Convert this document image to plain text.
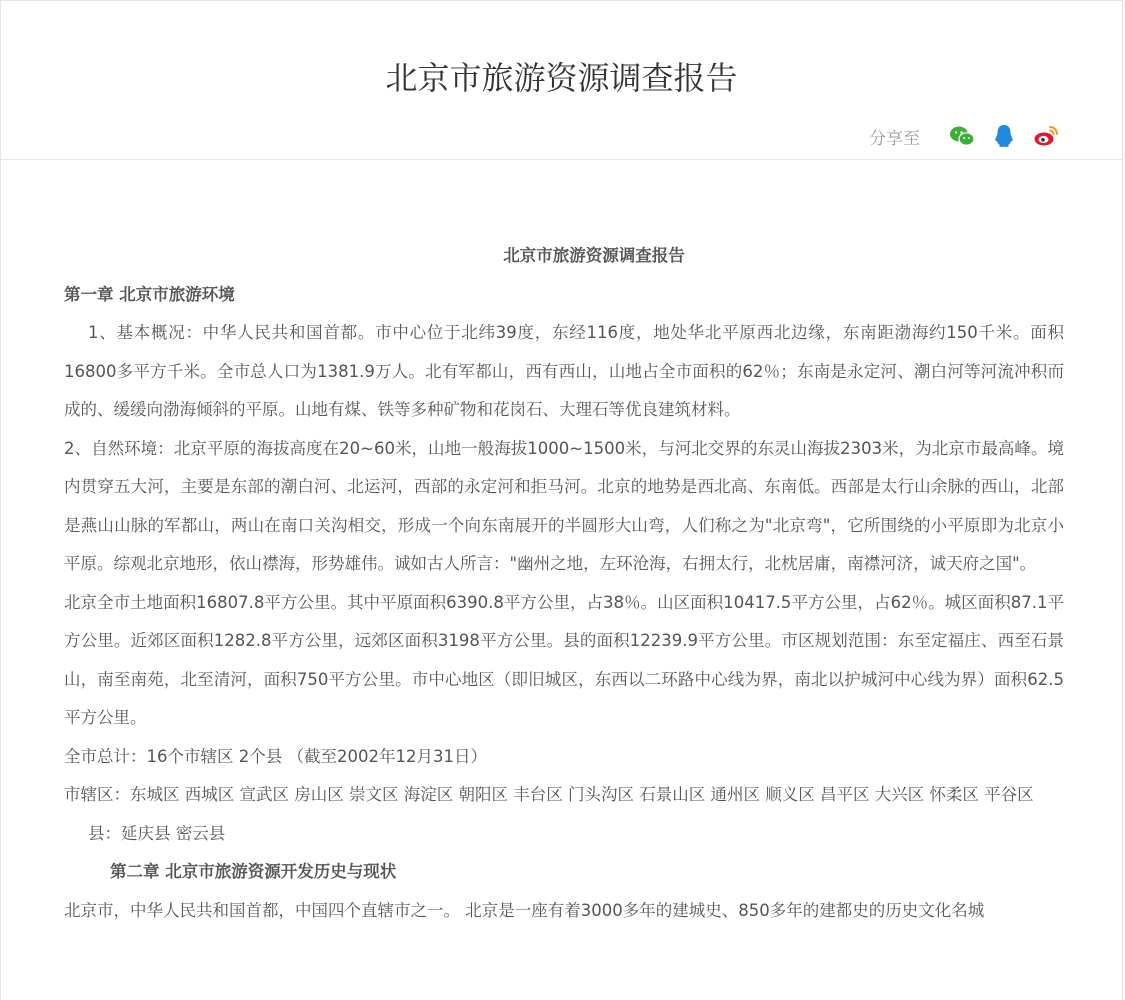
北京市旅游资源调查报告
分享至

北京市旅游资源调查报告

第一章 北京市旅游环境

1、基本概况：中华人民共和国首都。市中心位于北纬39度，东经116度，地处华北平原西北边缘，东南距渤海约150千米。面积16800多平方千米。全市总人口为1381.9万人。北有军都山，西有西山，山地占全市面积的62％；东南是永定河、潮白河等河流冲积而成的、缓缓向渤海倾斜的平原。山地有煤、铁等多种矿物和花岗石、大理石等优良建筑材料。

2、自然环境：北京平原的海拔高度在20~60米，山地一般海拔1000~1500米，与河北交界的东灵山海拔2303米，为北京市最高峰。境内贯穿五大河，主要是东部的潮白河、北运河，西部的永定河和拒马河。北京的地势是西北高、东南低。西部是太行山余脉的西山，北部是燕山山脉的军都山，两山在南口关沟相交，形成一个向东南展开的半圆形大山弯，人们称之为"北京弯"，它所围绕的小平原即为北京小平原。综观北京地形，依山襟海，形势雄伟。诚如古人所言："幽州之地，左环沧海，右拥太行，北枕居庸，南襟河济，诚天府之国"。

北京全市土地面积16807.8平方公里。其中平原面积6390.8平方公里，占38％。山区面积10417.5平方公里，占62％。城区面积87.1平方公里。近郊区面积1282.8平方公里，远郊区面积3198平方公里。县的面积12239.9平方公里。市区规划范围：东至定福庄、西至石景山，南至南苑，北至清河，面积750平方公里。市中心地区（即旧城区，东西以二环路中心线为界，南北以护城河中心线为界）面积62.5平方公里。

全市总计：16个市辖区 2个县 （截至2002年12月31日）

市辖区：东城区 西城区 宣武区 房山区 崇文区 海淀区 朝阳区 丰台区 门头沟区 石景山区 通州区 顺义区 昌平区 大兴区 怀柔区 平谷区

县：延庆县 密云县

第二章 北京市旅游资源开发历史与现状

北京市，中华人民共和国首都，中国四个直辖市之一。 北京是一座有着3000多年的建城史、850多年的建都史的历史文化名城
